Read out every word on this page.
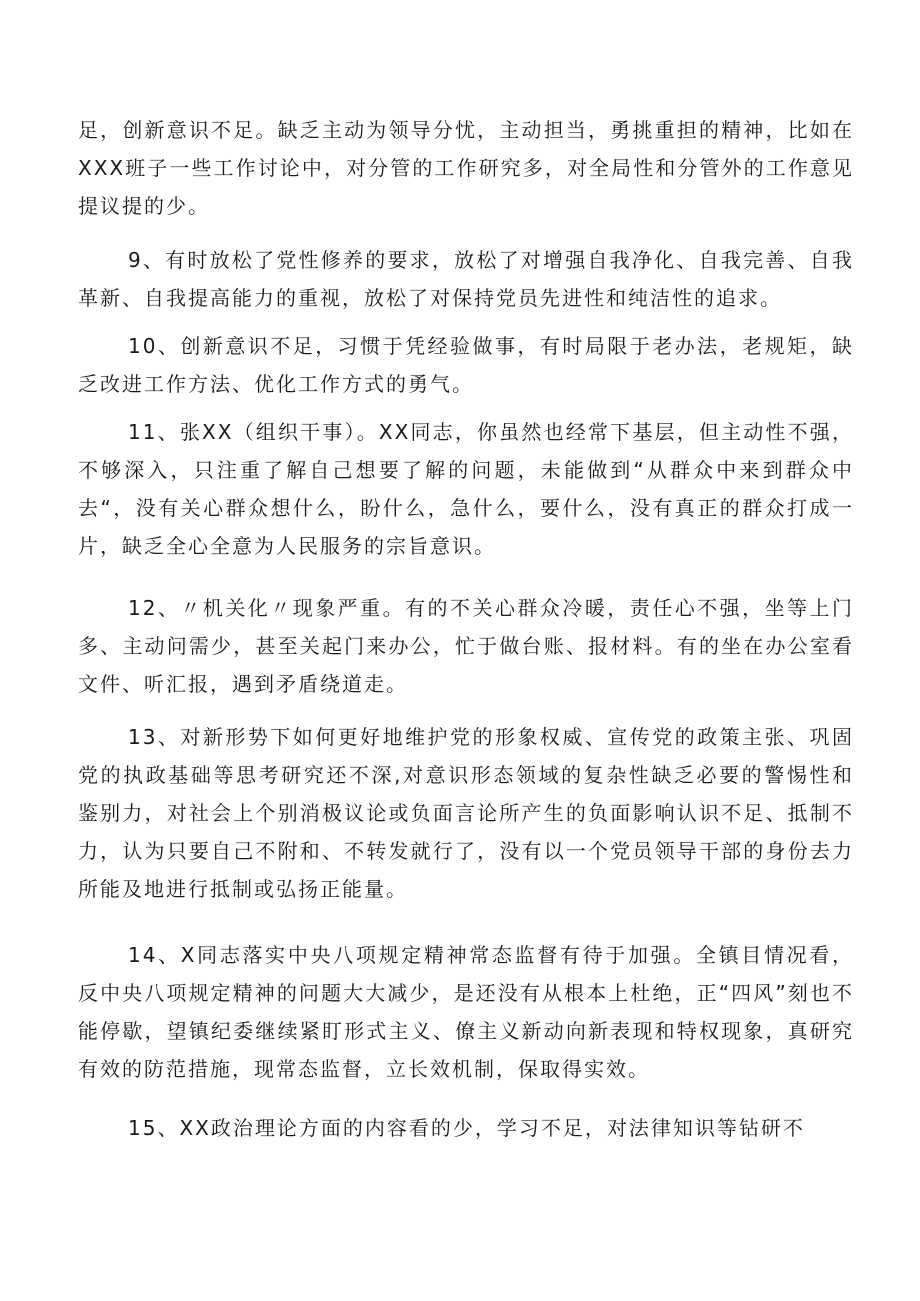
足，创新意识不足。缺乏主动为领导分忧，主动担当，勇挑重担的精神，比如在XXX班子一些工作讨论中，对分管的工作研究多，对全局性和分管外的工作意见提议提的少。

9、有时放松了党性修养的要求，放松了对增强自我净化、自我完善、自我革新、自我提高能力的重视，放松了对保持党员先进性和纯洁性的追求。

10、创新意识不足，习惯于凭经验做事，有时局限于老办法，老规矩，缺乏改进工作方法、优化工作方式的勇气。

11、张XX（组织干事）。XX同志，你虽然也经常下基层，但主动性不强，不够深入，只注重了解自己想要了解的问题，未能做到“从群众中来到群众中去“，没有关心群众想什么，盼什么，急什么，要什么，没有真正的群众打成一片，缺乏全心全意为人民服务的宗旨意识。

12、〃机关化〃现象严重。有的不关心群众冷暖，责任心不强，坐等上门多、主动问需少，甚至关起门来办公，忙于做台账、报材料。有的坐在办公室看文件、听汇报，遇到矛盾绕道走。

13、对新形势下如何更好地维护党的形象权威、宣传党的政策主张、巩固党的执政基础等思考研究还不深,对意识形态领域的复杂性缺乏必要的警惕性和鉴别力，对社会上个别消极议论或负面言论所产生的负面影响认识不足、抵制不力，认为只要自己不附和、不转发就行了，没有以一个党员领导干部的身份去力所能及地进行抵制或弘扬正能量。

14、X同志落实中央八项规定精神常态监督有待于加强。全镇目情况看，反中央八项规定精神的问题大大减少，是还没有从根本上杜绝，正“四风”刻也不能停歇，望镇纪委继续紧盯形式主义、僚主义新动向新表现和特权现象，真研究有效的防范措施，现常态监督，立长效机制，保取得实效。

15、XX政治理论方面的内容看的少，学习不足，对法律知识等钻研不
